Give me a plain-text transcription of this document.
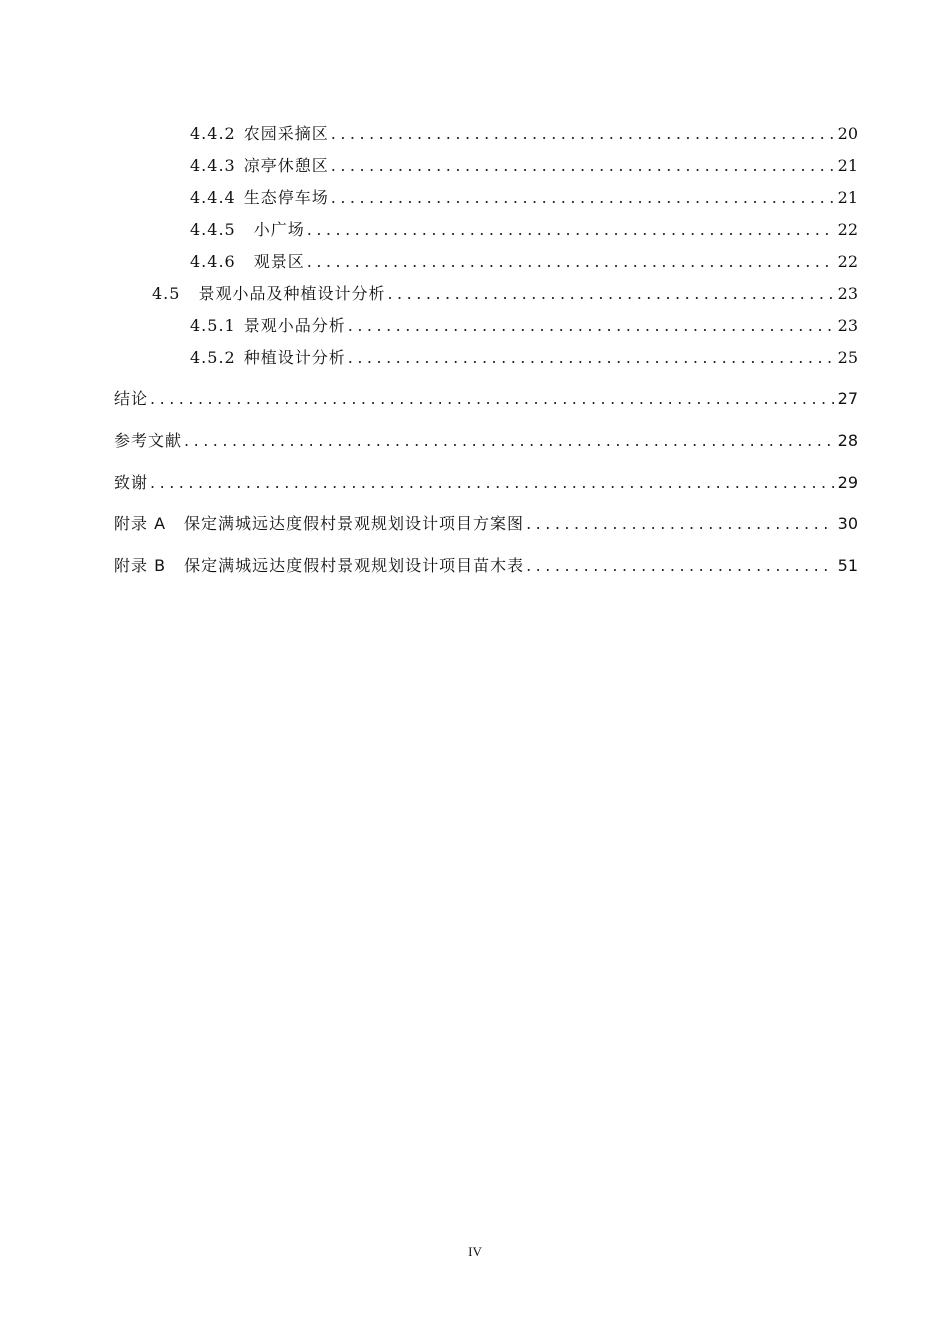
4.4.2 农园采摘区 .....	20
4.4.3 凉亭休憩区 .....	21
4.4.4 生态停车场 .....	21
4.4.5 小广场 .....	22
4.4.6 观景区 .....	22
4.5 景观小品及种植设计分析 .....	23
4.5.1 景观小品分析 .....	23
4.5.2 种植设计分析 .....	25
结论 .....	27
参考文献 .....	28
致谢 .....	29
附录 A 保定满城远达度假村景观规划设计项目方案图 .....	30
附录 B 保定满城远达度假村景观规划设计项目苗木表 .....	51
IV
